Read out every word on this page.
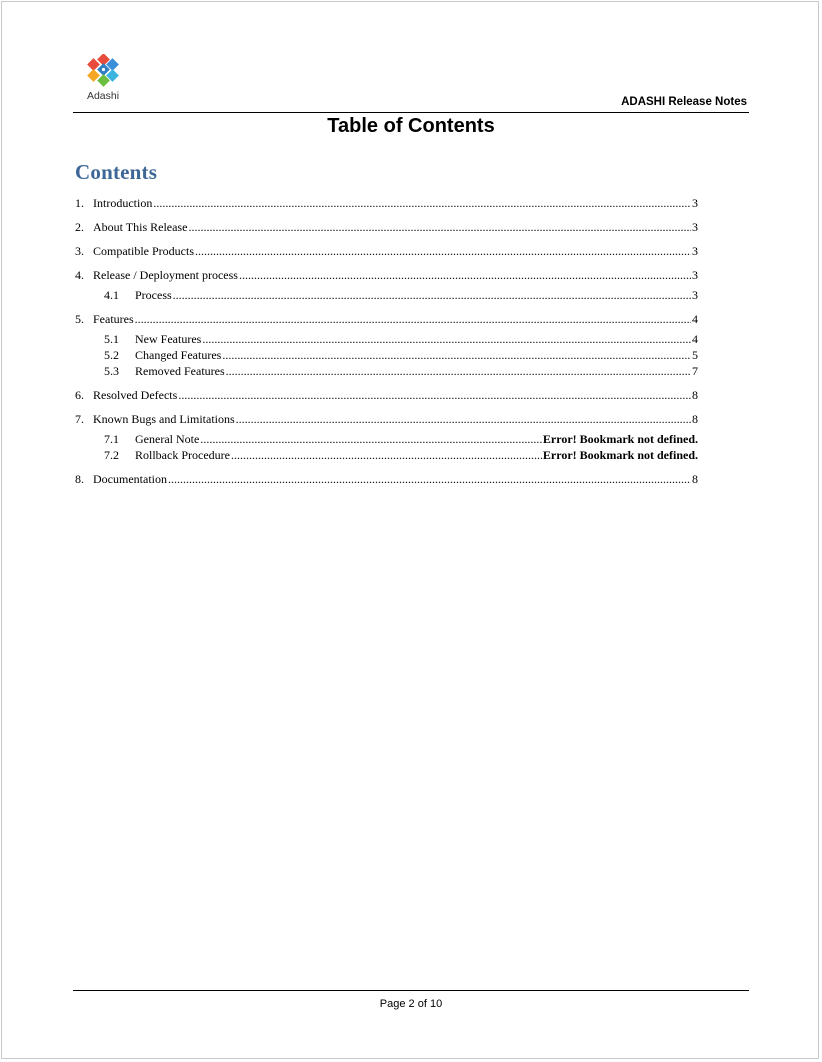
Adashi	ADASHI Release Notes
Table of Contents
Contents
1. Introduction .....	3
2. About This Release .....	3
3. Compatible Products .....	3
4. Release / Deployment process .....	3
4.1	Process .....	3
5. Features .....	4
5.1	New Features .....	4
5.2	Changed Features .....	5
5.3	Removed Features .....	7
6. Resolved Defects .....	8
7. Known Bugs and Limitations .....	8
7.1	General Note .....	Error! Bookmark not defined.
7.2	Rollback Procedure .....	Error! Bookmark not defined.
8. Documentation .....	8
Page 2 of 10
